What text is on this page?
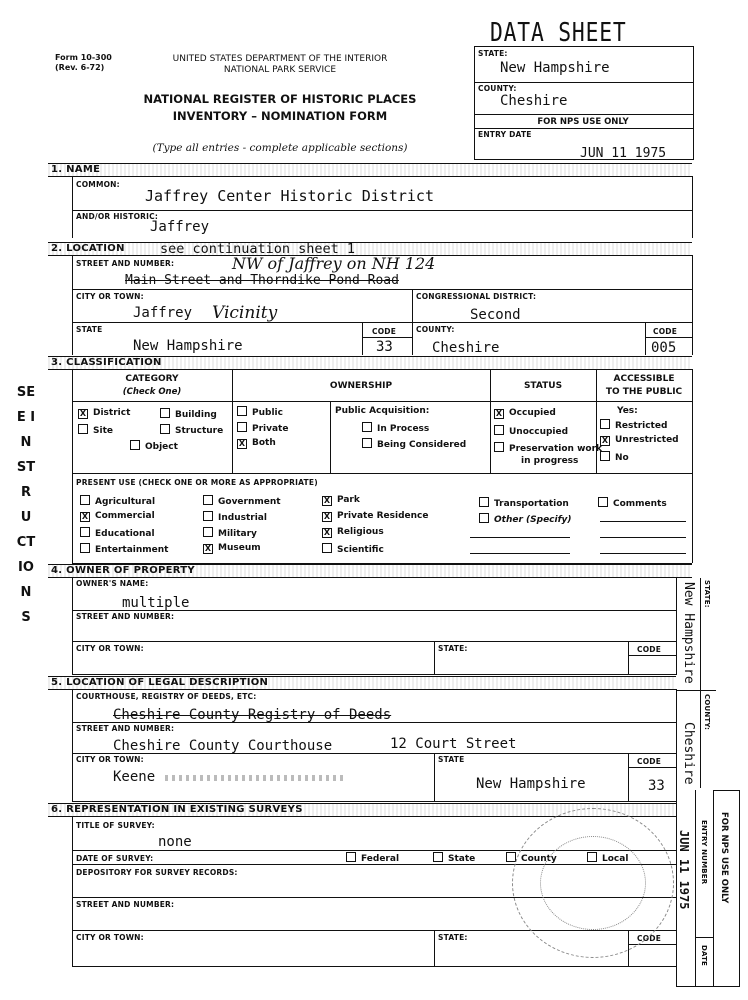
Form 10-300
(Rev. 6-72)
UNITED STATES DEPARTMENT OF THE INTERIOR
NATIONAL PARK SERVICE
NATIONAL REGISTER OF HISTORIC PLACES
INVENTORY – NOMINATION FORM
(Type all entries - complete applicable sections)
DATA SHEET
STATE:
New Hampshire
COUNTY:
Cheshire
FOR NPS USE ONLY
ENTRY DATE
JUN 11 1975
SEE INSTRUCTIONS
1. NAME
COMMON:
Jaffrey Center Historic District
AND/OR HISTORIC:
Jaffrey
2. LOCATION	see continuation sheet 1
STREET AND NUMBER:	NW of Jaffrey on NH 124
Main Street and Thorndike Pond Road
CITY OR TOWN:
Jaffrey Vicinity
CONGRESSIONAL DISTRICT:
Second
STATE
New Hampshire
CODE
33
COUNTY:
Cheshire
CODE
005
3. CLASSIFICATION
CATEGORY
(Check One)
OWNERSHIP	STATUS
ACCESSIBLE
TO THE PUBLIC
X District	Building
Site	Structure
Object
Public
Private
X Both
Public Acquisition:
In Process
Being Considered
X Occupied
Unoccupied
Preservation work
in progress
Yes:
Restricted
X Unrestricted
No
PRESENT USE (CHECK ONE OR MORE AS APPROPRIATE)
Agricultural
X Commercial
Educational
Entertainment
Government
Industrial
Military
X Museum
X Park
X Private Residence
X Religious
Scientific
Transportation
Other (Specify)
Comments
4. OWNER OF PROPERTY
OWNER'S NAME:
multiple
STREET AND NUMBER:
CITY OR TOWN:	STATE:	CODE
5. LOCATION OF LEGAL DESCRIPTION
COURTHOUSE, REGISTRY OF DEEDS, ETC:
Cheshire County Registry of Deeds
STREET AND NUMBER:
Cheshire County Courthouse	12 Court Street
CITY OR TOWN:
Keene
STATE
New Hampshire
CODE
33
6. REPRESENTATION IN EXISTING SURVEYS
TITLE OF SURVEY:
none
DATE OF SURVEY:	Federal	State	County	Local
DEPOSITORY FOR SURVEY RECORDS:
STREET AND NUMBER:
CITY OR TOWN:	STATE:	CODE
STATE:
New Hampshire
COUNTY:
Cheshire
ENTRY NUMBER
JUN 11 1975
DATE
FOR NPS USE ONLY
